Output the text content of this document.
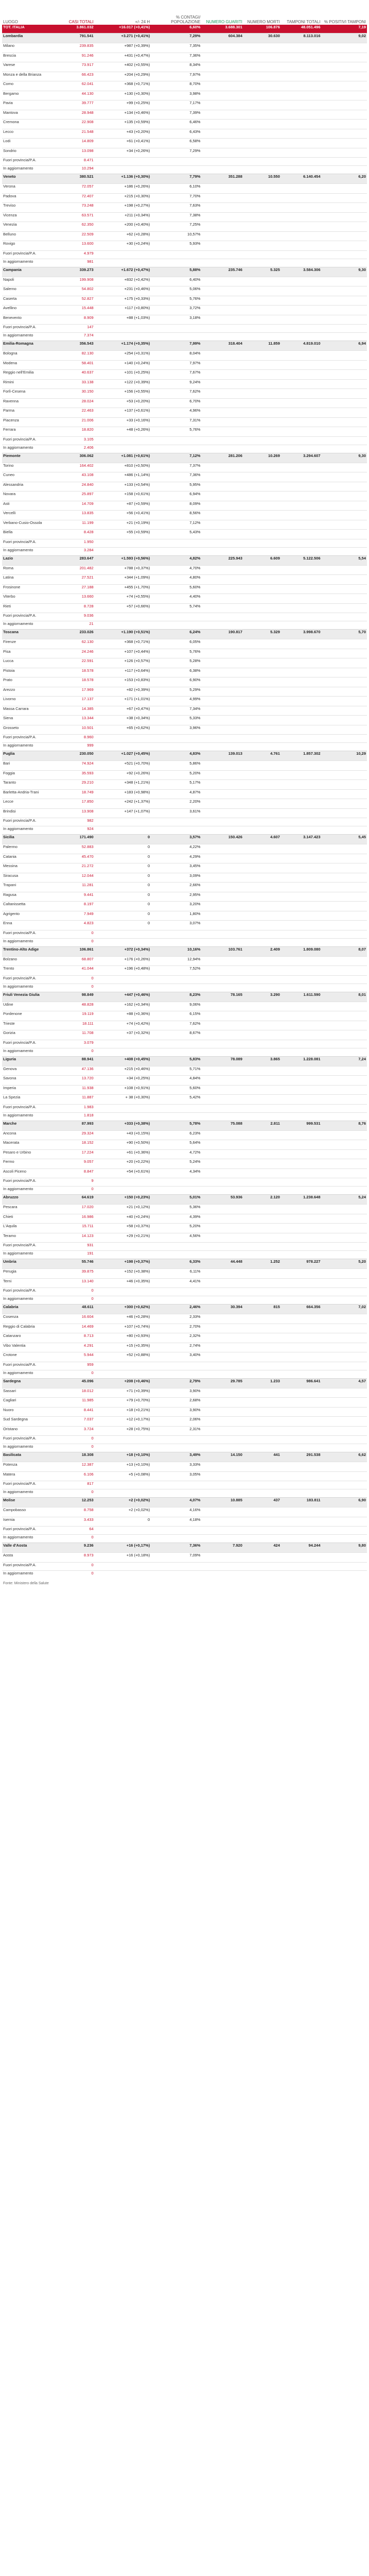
LUOGO	CASI TOTALI	+/- 24 H	% CONTAGI/ POPOLAZIONE	NUMERO GUARITI	NUMERO MORTI	TAMPONI TOTALI	% POSITIVI TAMPONI
TOT. ITALIA	3.861.032	+16.017 (+0,41%)	6,60%	3.688.301	106.876	48.051.496	7,19
Lombardia	791.541	+3.271 (+0,41%)	7,29%	604.384	30.630	8.113.016	9,02
Milano	239.835	+987 (+0,39%)	7,35%				
Brescia	91.246	+431 (+0,47%)	7,36%				
Varese	73.917	+402 (+0,55%)	8,34%				
Monza e della Brianza	66.423	+204 (+0,29%)	7,97%				
Como	62.041	+368 (+0,71%)	8,70%				
Bergamo	44.130	+130 (+0,30%)	3,98%				
Pavia	39.777	+99 (+0,25%)	7,17%				
Mantova	28.948	+134 (+0,46%)	7,39%				
Cremona	22.908	+135 (+0,59%)	6,46%				
Lecco	21.548	+43 (+0,20%)	6,43%				
Lodi	14.809	+61 (+0,41%)	6,58%				
Sondrio	13.098	+34 (+0,26%)	7,29%				
Fuori provincia/P.A.	8.471						
In aggiornamento	10.294						
Veneto	380.521	+1.136 (+0,30%)	7,79%	351.288	10.550	6.140.454	6,20
Verona	72.057	+186 (+0,26%)	6,10%				
Padova	72.407	+215 (+0,30%)	7,70%				
Treviso	73.248	+198 (+0,27%)	7,63%				
Vicenza	63.571	+211 (+0,34%)	7,38%				
Venezia	62.350	+200 (+0,40%)	7,25%				
Belluno	22.509	+62 (+0,28%)	10,57%				
Rovigo	13.600	+30 (+0,24%)	5,93%				
Fuori provincia/P.A.	4.979						
In aggiornamento	981						
Campania	339.273	+1.672 (+0,47%)	5,88%	235.746	5.325	3.584.306	9,30
Napoli	199.908	+832 (+0,42%)	6,40%				
Salerno	54.802	+231 (+0,46%)	5,06%				
Caserta	52.827	+175 (+0,33%)	5,76%				
Avellino	15.448	+117 (+0,80%)	3,72%				
Benevento	8.909	+88 (+1,03%)	3,18%				
Fuori provincia/P.A.	147						
In aggiornamento	7.374						
Emilia-Romagna	356.543	+1.174 (+0,35%)	7,99%	318.404	11.859	4.819.010	6,94
Bologna	82.130	+254 (+0,31%)	8,04%				
Modena	58.401	+140 (+0,24%)	7,97%				
Reggio nell'Emilia	40.637	+101 (+0,25%)	7,67%				
Rimini	33.138	+122 (+0,39%)	9,24%				
Forlì-Cesena	30.150	+156 (+0,55%)	7,62%				
Ravenna	28.024	+53 (+0,20%)	6,70%				
Parma	22.463	+137 (+0,61%)	4,96%				
Piacenza	21.006	+33 (+0,16%)	7,31%				
Ferrara	18.820	+48 (+0,26%)	5,76%				
Fuori provincia/P.A.	3.105						
In aggiornamento	2.406						
Piemonte	306.062	+1.081 (+0,61%)	7,12%	281.206	10.269	3.294.607	9,30
Torino	164.402	+810 (+0,50%)	7,37%				
Cuneo	43.108	+486 (+1,14%)	7,36%				
Alessandria	24.840	+133 (+0,54%)	5,95%				
Novara	25.897	+158 (+0,61%)	6,94%				
Asti	14.709	+87 (+0,59%)	8,09%				
Vercelli	13.835	+56 (+0,41%)	8,56%				
Verbano-Cusio-Ossola	11.199	+21 (+0,19%)	7,12%				
Biella	8.428	+55 (+0,59%)	5,43%				
Fuori provincia/P.A.	1.950						
In aggiornamento	3.284						
Lazio	283.647	+1.593 (+0,56%)	4,82%	225.943	6.609	5.122.506	5,54
Roma	201.482	+788 (+0,37%)	4,70%				
Latina	27.521	+344 (+1,09%)	4,80%				
Frosinone	27.188	+455 (+1,70%)	5,60%				
Viterbo	13.660	+74 (+0,55%)	4,40%				
Rieti	8.728	+57 (+0,66%)	5,74%				
Fuori provincia/P.A.	9.036						
In aggiornamento	21						
Toscana	233.026	+1.190 (+0,51%)	6,24%	190.817	5.329	3.998.670	5,70
Firenze	62.130	+368 (+0,71%)	6,05%				
Pisa	24.246	+107 (+0,44%)	5,76%				
Lucca	22.591	+126 (+0,57%)	5,28%				
Pistoia	18.578	+117 (+0,64%)	6,38%				
Prato	18.578	+153 (+0,83%)	6,90%				
Arezzo	17.969	+82 (+0,39%)	5,29%				
Livorno	17.137	+171 (+1,01%)	4,99%				
Massa Carrara	14.385	+67 (+0,47%)	7,34%				
Siena	13.344	+38 (+0,34%)	5,33%				
Grosseto	10.501	+65 (+0,62%)	3,96%				
Fuori provincia/P.A.	8.960						
In aggiornamento	999						
Puglia	230.050	+1.027 (+0,45%)	4,83%	139.013	4.761	1.857.302	10,29
Bari	74.924	+521 (+0,70%)	5,86%				
Foggia	35.593	+92 (+0,26%)	5,20%				
Taranto	29.210	+348 (+1,21%)	5,17%				
Barletta-Andria-Trani	18.749	+183 (+0,98%)	4,87%				
Lecce	17.850	+242 (+1,37%)	2,20%				
Brindisi	13.908	+147 (+1,07%)	3,61%				
Fuori provincia/P.A.	982						
In aggiornamento	924						
Sicilia	171.490	0	3,57%	150.426	4.607	3.147.423	5,45
Palermo	52.883	0	4,22%				
Catania	45.470	0	4,29%				
Messina	21.272	0	3,45%				
Siracusa	12.044	0	3,09%				
Trapani	11.281	0	2,66%				
Ragusa	9.441	0	2,95%				
Caltanissetta	8.197	0	3,20%				
Agrigento	7.949	0	1,80%				
Enna	4.823	0	3,07%				
Fuori provincia/P.A.	0						
In aggiornamento	0						
Trentino-Alto Adige	106.861	+372 (+0,34%)	10,16%	103.761	2.409	1.809.080	8,07
Bolzano	68.807	+176 (+0,26%)	12,94%				
Trento	41.044	+196 (+0,48%)	7,52%				
Fuori provincia/P.A.	0						
In aggiornamento	0						
Friuli Venezia Giulia	98.849	+447 (+0,46%)	8,23%	78.165	3.290	1.611.590	8,01
Udine	48.828	+162 (+0,34%)	9,06%				
Pordenone	19.119	+88 (+0,36%)	6,15%				
Trieste	18.111	+74 (+0,42%)	7,62%				
Gorizia	11.708	+37 (+0,32%)	8,67%				
Fuori provincia/P.A.	3.079						
In aggiornamento	0						
Liguria	88.941	+408 (+0,45%)	5,83%	78.089	3.865	1.228.081	7,24
Genova	47.136	+215 (+0,46%)	5,71%				
Savona	13.720	+34 (+0,25%)	4,84%				
Imperia	11.938	+108 (+0,91%)	5,60%				
La Spezia	11.887	+ 38 (+0,30%)	5,42%				
Fuori provincia/P.A.	1.983						
In aggiornamento	1.818						
Marche	87.993	+333 (+0,38%)	5,78%	75.088	2.811	999.531	8,76
Ancona	29.324	+43 (+0,15%)	6,23%				
Macerata	18.152	+90 (+0,50%)	5,64%				
Pesaro e Urbino	17.224	+61 (+0,36%)	4,72%				
Fermo	9.057	+20 (+0,22%)	5,24%				
Ascoli Piceno	8.847	+54 (+0,61%)	4,34%				
Fuori provincia/P.A.	9						
In aggiornamento	0						
Abruzzo	64.619	+150 (+0,23%)	5,01%	53.936	2.120	1.238.648	5,24
Pescara	17.020	+21 (+0,12%)	5,36%				
Chieti	16.986	+40 (+0,24%)	4,39%				
L'Aquila	15.711	+58 (+0,37%)	5,20%				
Teramo	14.123	+29 (+0,21%)	4,56%				
Fuori provincia/P.A.	931						
In aggiornamento	191						
Umbria	55.746	+198 (+0,37%)	6,33%	44.448	1.252	978.227	5,20
Perugia	39.875	+152 (+0,38%)	6,11%				
Terni	13.140	+46 (+0,35%)	4,41%				
Fuori provincia/P.A.	0						
In aggiornamento	0						
Calabria	48.611	+300 (+0,62%)	2,46%	30.394	815	664.356	7,02
Cosenza	16.604	+46 (+0,28%)	2,33%				
Reggio di Calabria	14.469	+107 (+0,74%)	2,70%				
Catanzaro	8.713	+80 (+0,93%)	2,32%				
Vibo Valentia	4.291	+15 (+0,35%)	2,74%				
Crotone	5.944	+52 (+0,88%)	3,40%				
Fuori provincia/P.A.	959						
In aggiornamento	0						
Sardegna	45.096	+208 (+0,46%)	2,79%	29.785	1.233	986.641	4,57
Sassari	18.012	+71 (+0,39%)	3,90%				
Cagliari	11.985	+79 (+0,70%)	2,68%				
Nuoro	8.441	+18 (+0,21%)	3,90%				
Sud Sardegna	7.037	+12 (+0,17%)	2,06%				
Oristano	3.724	+28 (+0,75%)	2,31%				
Fuori provincia/P.A.	0						
In aggiornamento	0						
Basilicata	18.308	+18 (+0,10%)	3,49%	14.150	441	291.538	6,62
Potenza	12.387	+13 (+0,10%)	3,33%				
Matera	6.106	+5 (+0,08%)	3,05%				
Fuori provincia/P.A.	817						
In aggiornamento	0						
Molise	12.253	+2 (+0,02%)	4,07%	10.885	437	183.811	6,90
Campobasso	8.758	+2 (+0,02%)	4,16%				
Isernia	3.433	0	4,18%				
Fuori provincia/P.A.	64						
In aggiornamento	0						
Valle d'Aosta	9.236	+16 (+0,17%)	7,36%	7.920	424	94.244	9,80
Aosta	8.973	+16 (+0,18%)	7,09%				
Fuori provincia/P.A.	0						
In aggiornamento	0						
Fonte: Ministero della Salute
